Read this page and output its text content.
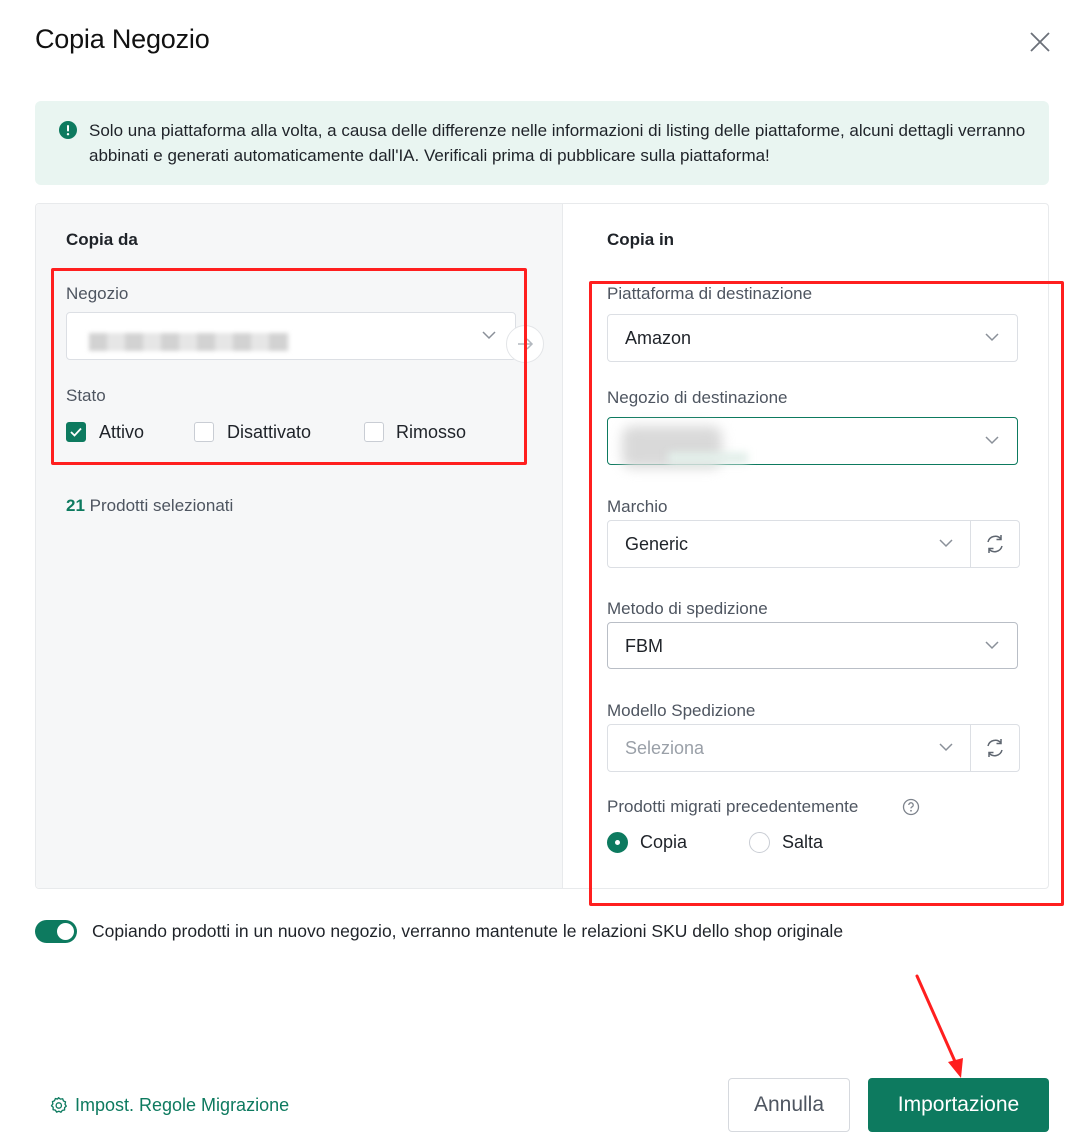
Copia Negozio
Solo una piattaforma alla volta, a causa delle differenze nelle informazioni di listing delle piattaforme, alcuni dettagli verranno abbinati e generati automaticamente dall'IA. Verificali prima di pubblicare sulla piattaforma!
Copia da
Negozio
Stato
Attivo	Disattivato	Rimosso
21 Prodotti selezionati
Copia in
Piattaforma di destinazione
Amazon
Negozio di destinazione
Marchio
Generic
Metodo di spedizione
FBM
Modello Spedizione
Seleziona
Prodotti migrati precedentemente
Copia	Salta
Copiando prodotti in un nuovo negozio, verranno mantenute le relazioni SKU dello shop originale
Impost. Regole Migrazione	Annulla	Importazione
